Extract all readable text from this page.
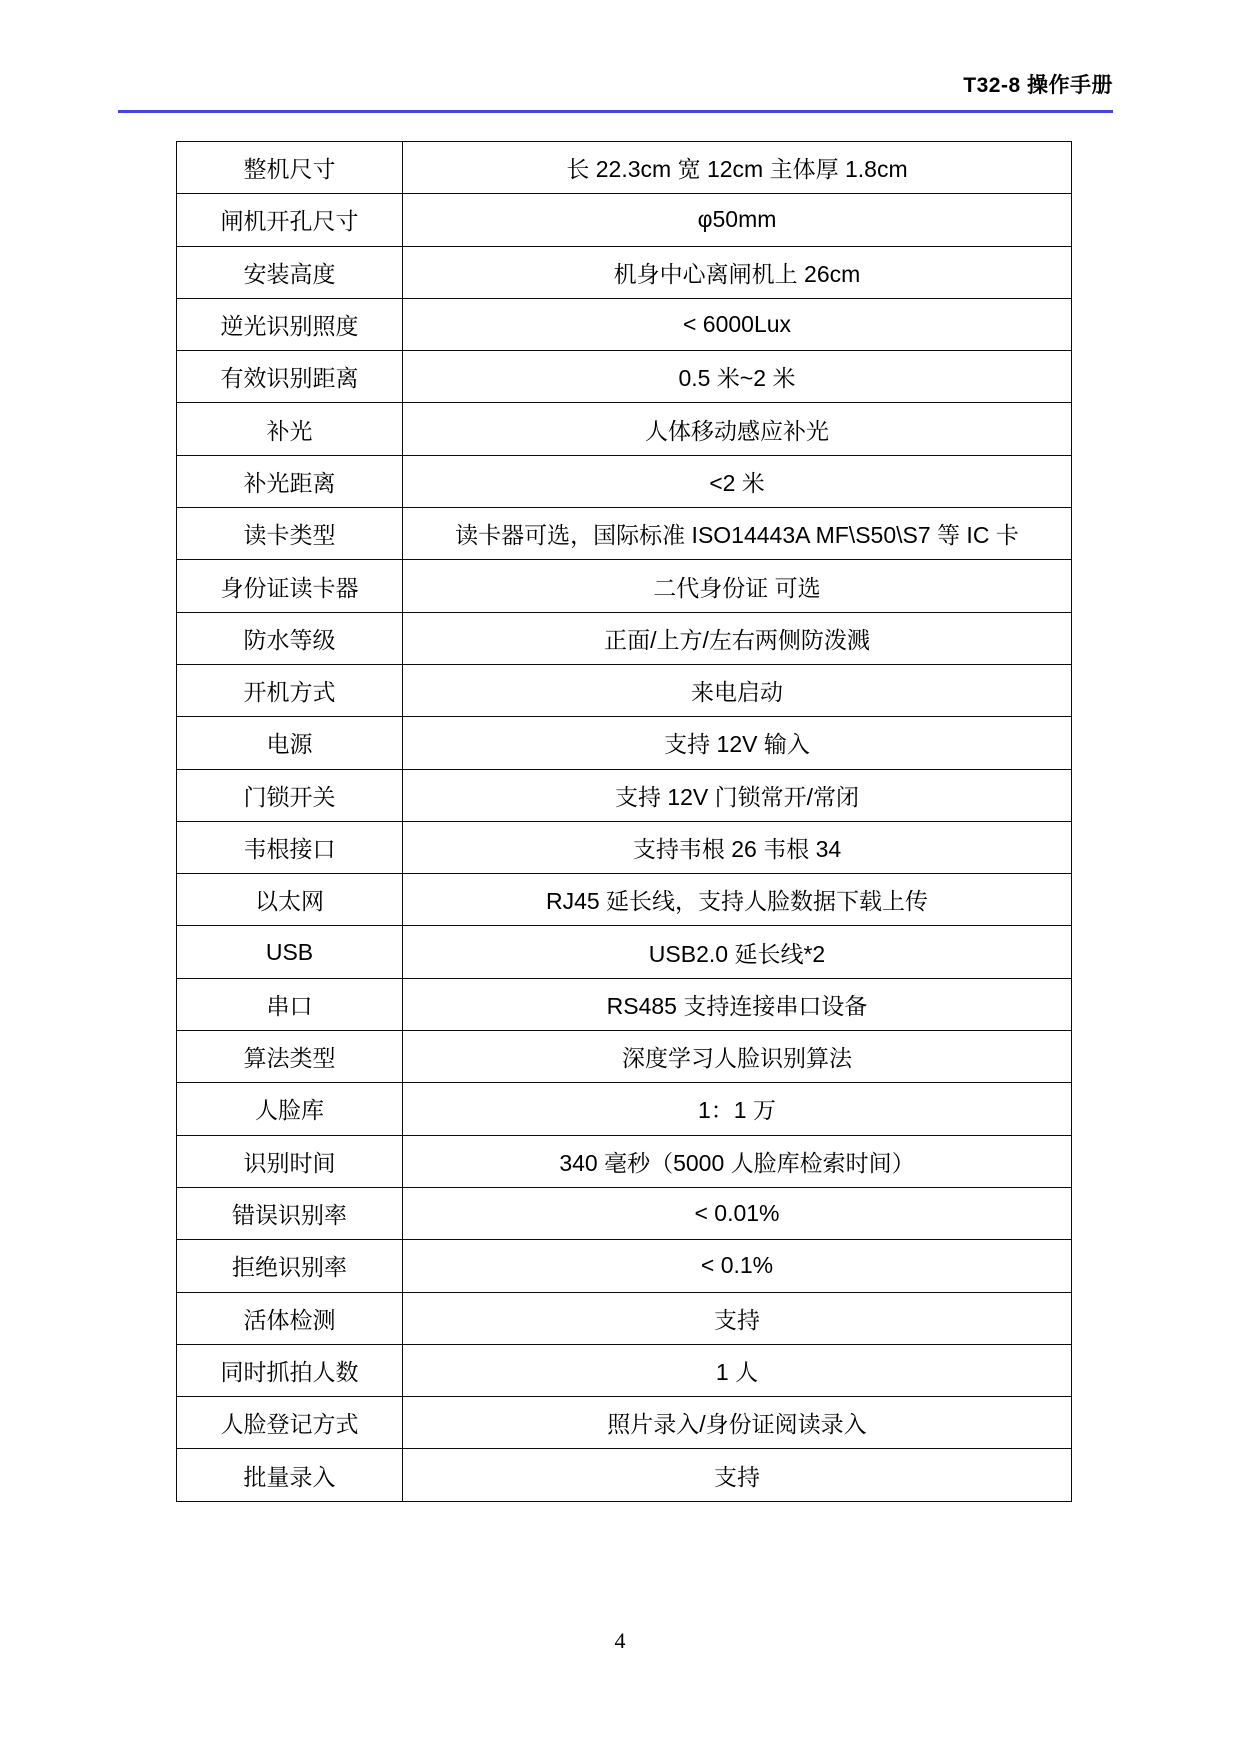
T32-8 操作手册
整机尺寸	长 22.3cm 宽 12cm 主体厚 1.8cm
闸机开孔尺寸	φ50mm
安装高度	机身中心离闸机上 26cm
逆光识别照度	< 6000Lux
有效识别距离	0.5 米~2 米
补光	人体移动感应补光
补光距离	<2 米
读卡类型	读卡器可选，国际标准 ISO14443A MF\S50\S7 等 IC 卡
身份证读卡器	二代身份证 可选
防水等级	正面/上方/左右两侧防泼溅
开机方式	来电启动
电源	支持 12V 输入
门锁开关	支持 12V 门锁常开/常闭
韦根接口	支持韦根 26 韦根 34
以太网	RJ45 延长线，支持人脸数据下载上传
USB	USB2.0 延长线*2
串口	RS485 支持连接串口设备
算法类型	深度学习人脸识别算法
人脸库	1：1 万
识别时间	340 毫秒（5000 人脸库检索时间）
错误识别率	< 0.01%
拒绝识别率	< 0.1%
活体检测	支持
同时抓拍人数	1 人
人脸登记方式	照片录入/身份证阅读录入
批量录入	支持
4
